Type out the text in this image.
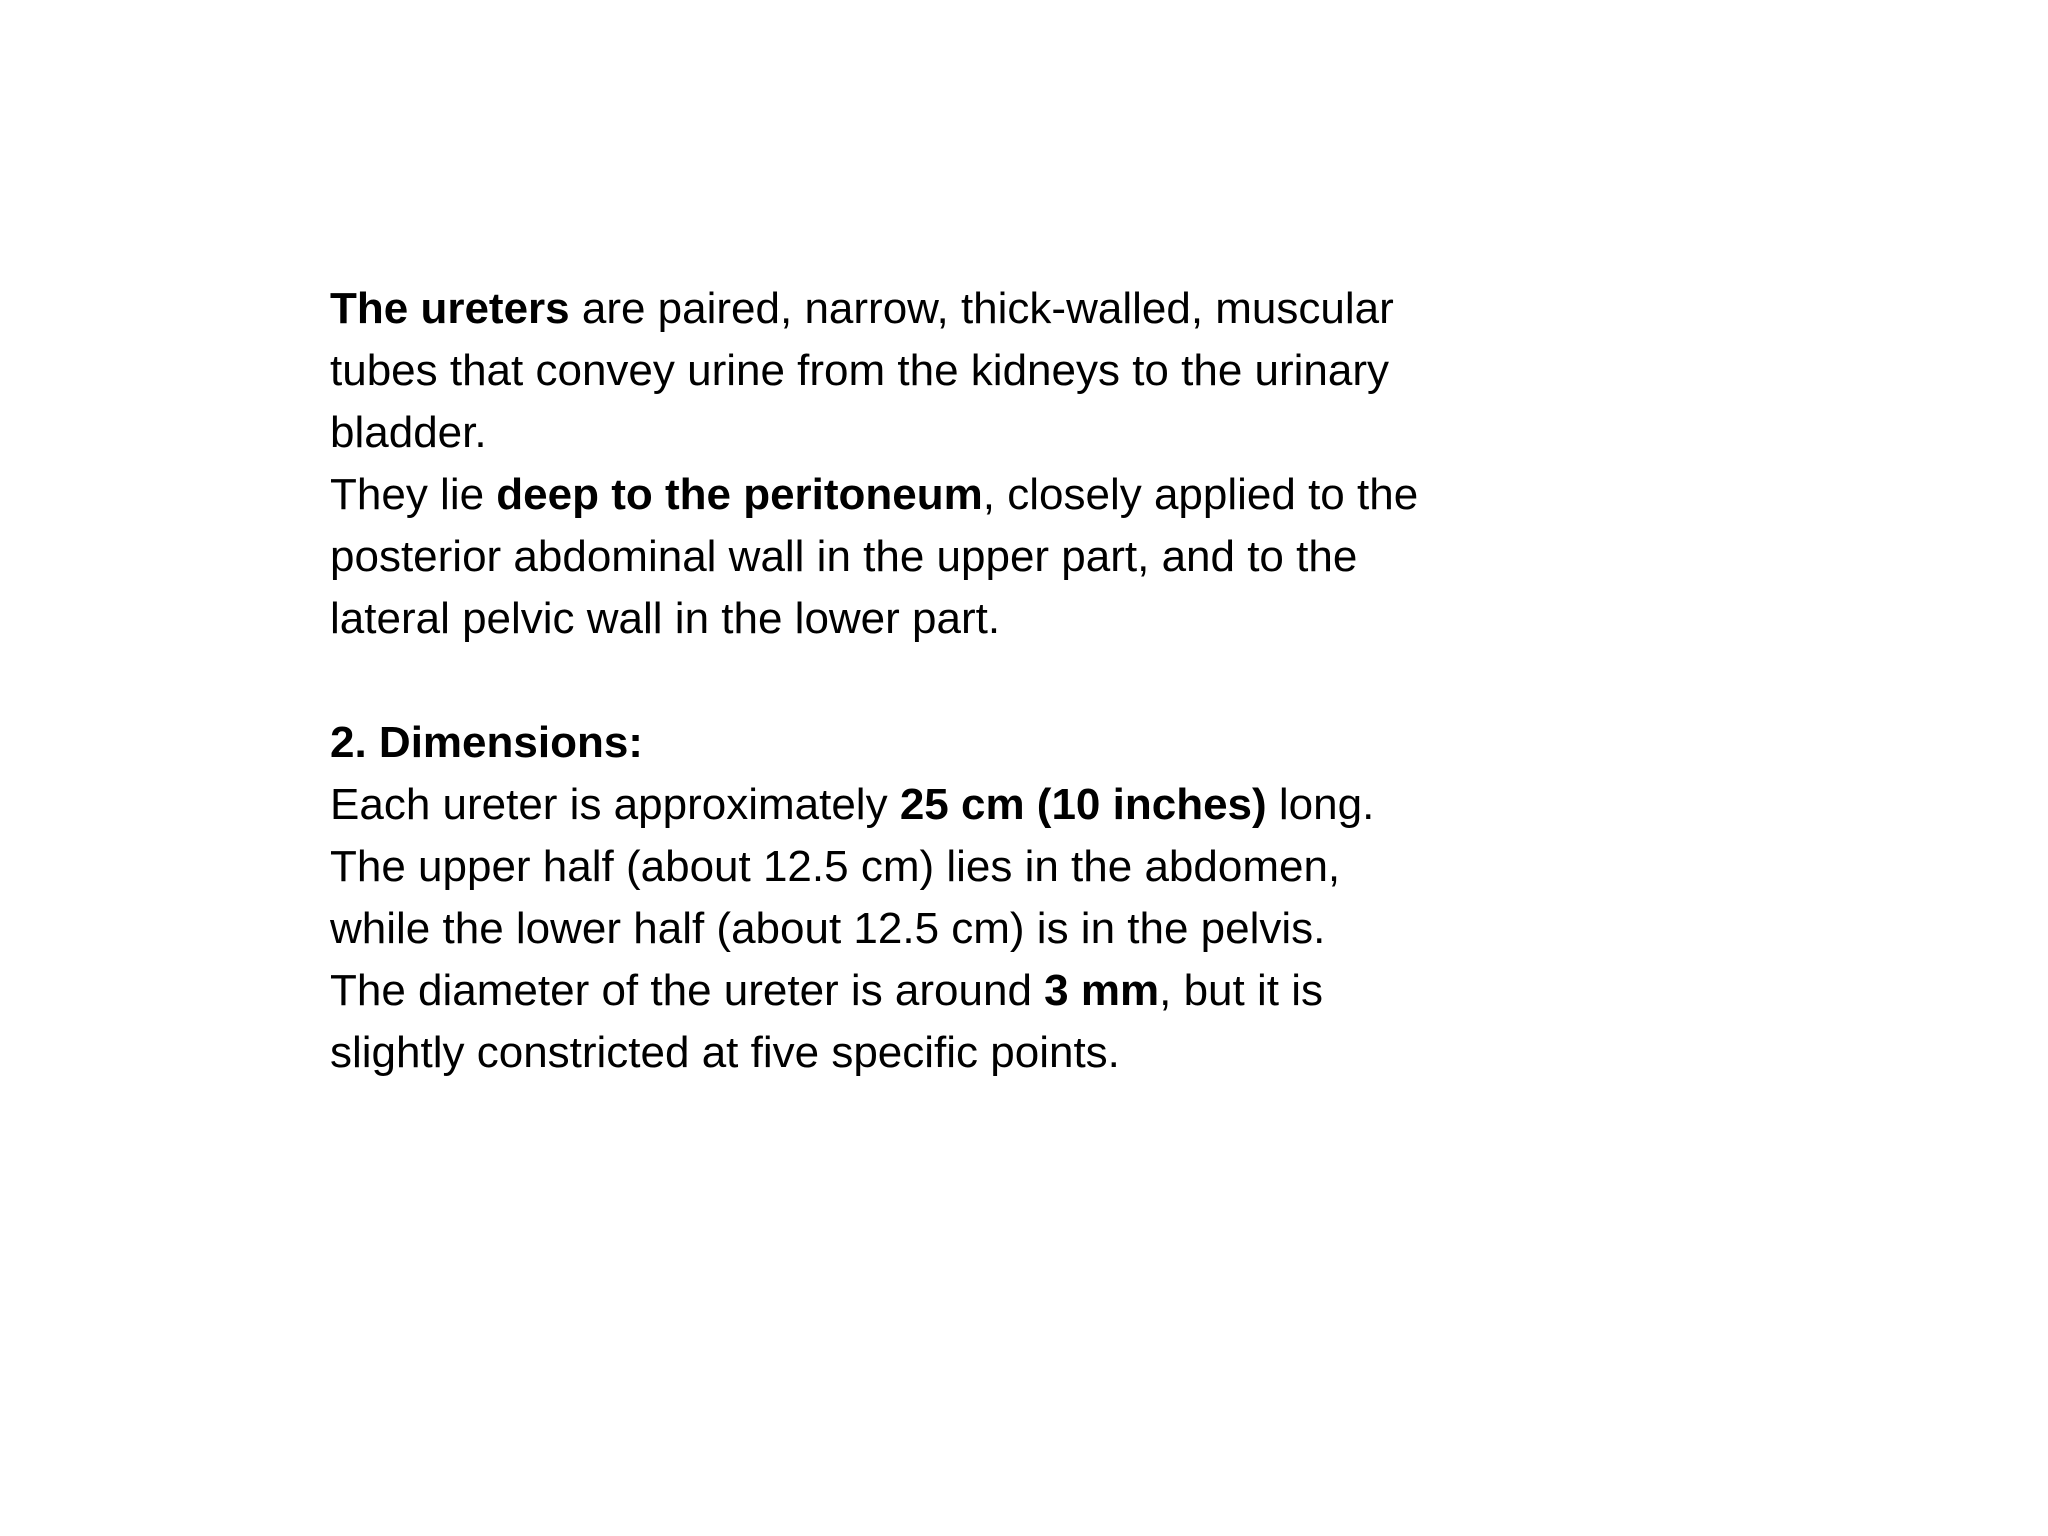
The ureters are paired, narrow, thick-walled, muscular
tubes that convey urine from the kidneys to the urinary
bladder.
They lie deep to the peritoneum, closely applied to the
posterior abdominal wall in the upper part, and to the
lateral pelvic wall in the lower part.
2. Dimensions:
Each ureter is approximately 25 cm (10 inches) long.
The upper half (about 12.5 cm) lies in the abdomen,
while the lower half (about 12.5 cm) is in the pelvis.
The diameter of the ureter is around 3 mm, but it is
slightly constricted at five specific points.
